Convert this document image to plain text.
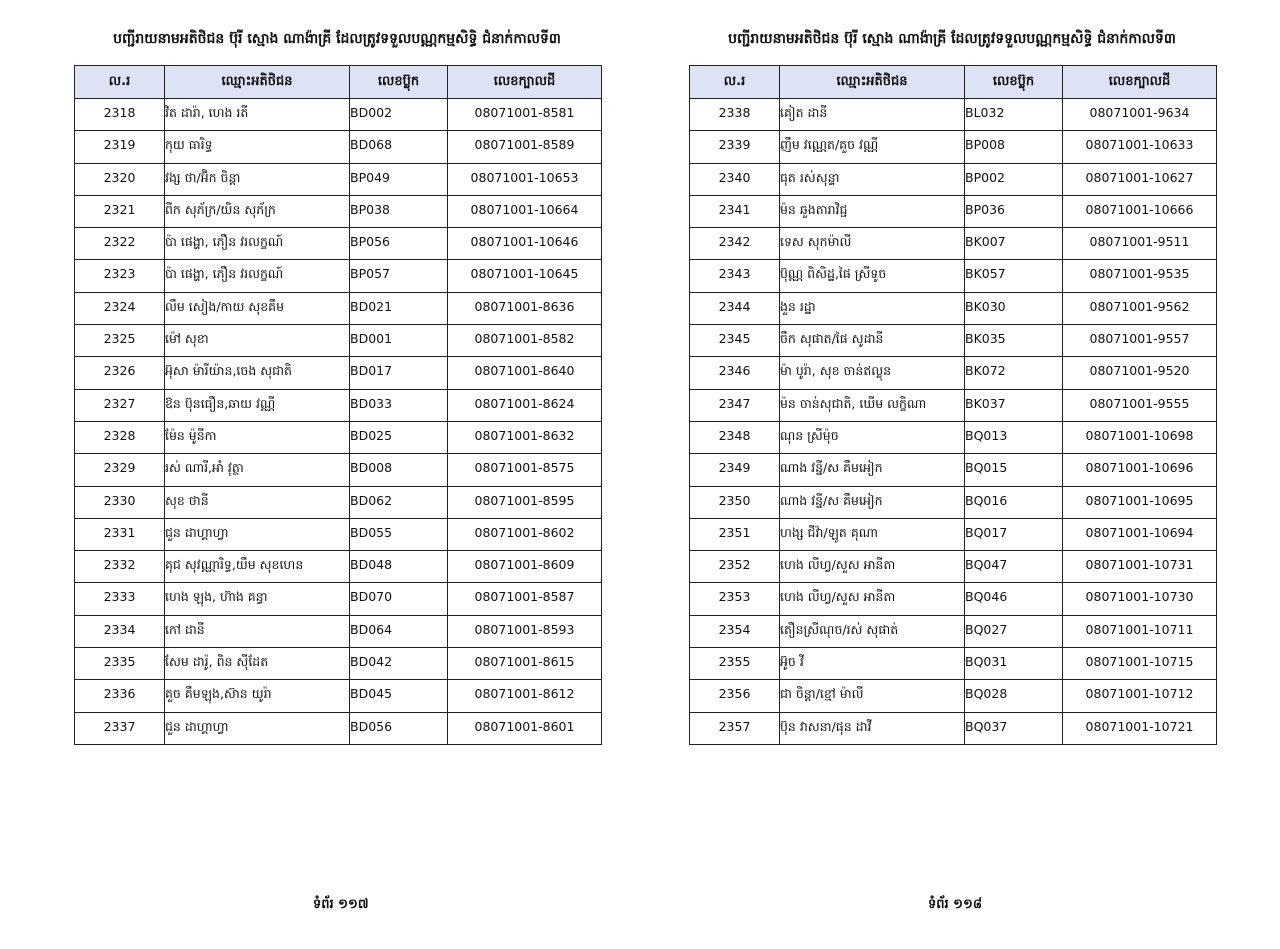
បញ្ជីរាយនាមអតិថិជន ប៊ុរី ស្មោង ណាង៉ាគ្រី ដែលត្រូវទទួលបណ្ណកម្មសិទ្ធិ ជំនាក់កាលទី៣
ល.រ	ឈ្មោះអតិថិជន	លេខប៊្លុក	លេខក្បាលដី
2318	វិត ដារ៉ា, ហេង រតី	BD002	08071001-8581
2319	កុយ ធារិទ្ធ	BD068	08071001-8589
2320	វង្ស ថា/អ៊ិក ចិន្តា	BP049	08071001-10653
2321	ពីក សុភ័ក្រ/យិន សុភ័ក្រ	BP038	08071001-10664
2322	ប៉ា ផេង្ហា, ភឿន វរលក្ខណ៍	BP056	08071001-10646
2323	ប៉ា ផេង្ហា, ភឿន វរលក្ខណ៍	BP057	08071001-10645
2324	លឹម សៀង/កាយ សុខគឹម	BD021	08071001-8636
2325	ម៉ៅ សុខា	BD001	08071001-8582
2326	អ៊ុសា ម៉ារីយ៉ាន,ចេង សុជាតិ	BD017	08071001-8640
2327	ឱន ប៊ុនធឿន,ឆាយ វណ្ណី	BD033	08071001-8624
2328	ម៉ែន ម៉ូនីកា	BD025	08071001-8632
2329	រស់ ណារី,អាំ វុត្ថា	BD008	08071001-8575
2330	សុខ ថានី	BD062	08071001-8595
2331	ជួន ដាហ្គាហ្វា	BD055	08071001-8602
2332	គុជ សុវណ្ណារិទ្ធ,យឹម សុខហេន	BD048	08071001-8609
2333	ហេង ឡុង, ហ៊ាង គន្ធា	BD070	08071001-8587
2334	កៅ ដានី	BD064	08071001-8593
2335	សែម ដារ៉ូ, ពិន ស៊ីដែត	BD042	08071001-8615
2336	គួច គឹមឡុង,ស៊ាន យូរ៉ា	BD045	08071001-8612
2337	ជួន ដាហ្គាហ្វា	BD056	08071001-8601
ទំព័រ ១១៧
បញ្ជីរាយនាមអតិថិជន ប៊ុរី ស្មោង ណាង៉ាគ្រី ដែលត្រូវទទួលបណ្ណកម្មសិទ្ធិ ជំនាក់កាលទី៣
ល.រ	ឈ្មោះអតិថិជន	លេខប៊្លុក	លេខក្បាលដី
2338	គៀត ដានី	BL032	08071001-9634
2339	ញឹម វណ្ណេត/គួច វណ្ណី	BP008	08071001-10633
2340	ធុត រស់សុន្ទា	BP002	08071001-10627
2341	ម៉ន ឆួងតារាវិជ្ជ	BP036	08071001-10666
2342	ទេស សុកម៉ាលី	BK007	08071001-9511
2343	ប៊ុណ្ណ ពិសិដ្ឋ,ផៃ ស្រីទូច	BK057	08071001-9535
2344	ងួន រដ្ឋា	BK030	08071001-9562
2345	ចឹក សុផាត/ផៃ សូដានី	BK035	08071001-9557
2346	ម៉ា បូរ៉ា, សុខ ចាន់ឥល្លុន	BK072	08071001-9520
2347	ម៉ន ចាន់សុជាតិ, ឃើម លក្ខិណា	BK037	08071001-9555
2348	ណុន ស្រីម៉ុច	BQ013	08071001-10698
2349	ណាង វន្នី/ស គឹមអៀក	BQ015	08071001-10696
2350	ណាង វន្នី/ស គឹមអៀក	BQ016	08071001-10695
2351	ហង្ស ជីវ៉ា/ឡូត គុណា	BQ017	08071001-10694
2352	ហេង លីហ្វ/សួស អានីតា	BQ047	08071001-10731
2353	ហេង លីហ្វ/សួស អានីតា	BQ046	08071001-10730
2354	តឿនស្រីណុច/រស់ សុផាត់	BQ027	08071001-10711
2355	អ៊ូច វី	BQ031	08071001-10715
2356	ជា ចិន្តា/ខ្មៅ ម៉ាលី	BQ028	08071001-10712
2357	ប៊ុន វាសនា/ផុន ដាវី	BQ037	08071001-10721
ទំព័រ ១១៨
